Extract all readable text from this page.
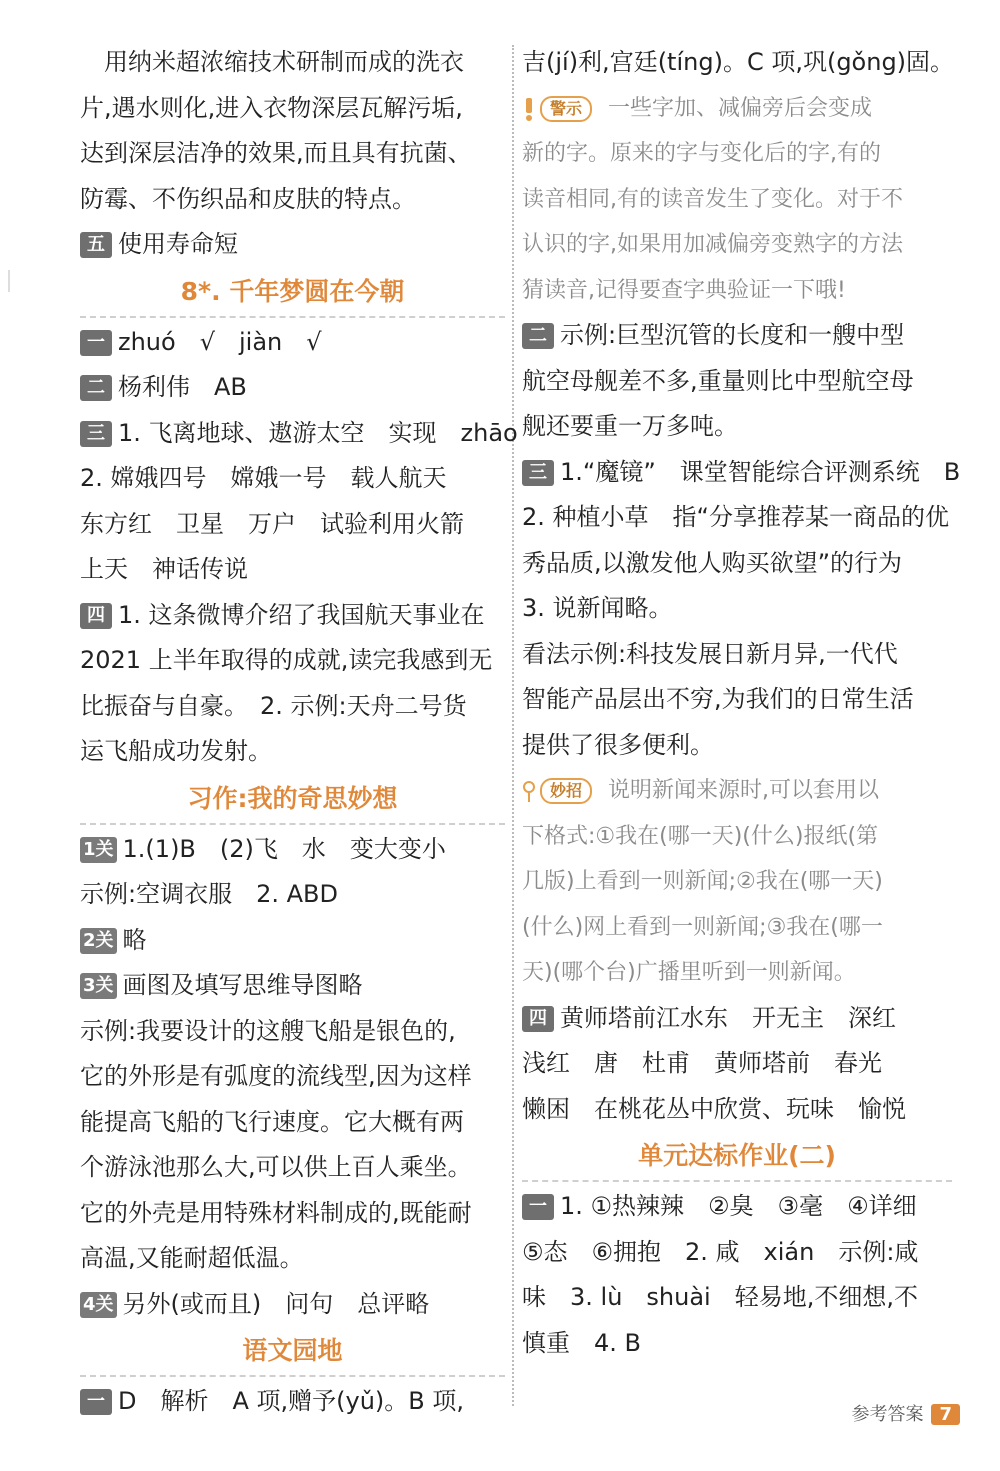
　用纳米超浓缩技术研制而成的洗衣
片,遇水则化,进入衣物深层瓦解污垢,
达到深层洁净的效果,而且具有抗菌、
防霉、不伤织品和皮肤的特点。
五 使用寿命短
8*. 千年梦圆在今朝
一 zhuó　√　jiàn　√
二 杨利伟　AB
三 1. 飞离地球、遨游太空　实现　zhāo
2. 嫦娥四号　嫦娥一号　载人航天
东方红　卫星　万户　试验利用火箭
上天　神话传说
四 1. 这条微博介绍了我国航天事业在
2021 上半年取得的成就,读完我感到无
比振奋与自豪。　2. 示例:天舟二号货
运飞船成功发射。
习作:我的奇思妙想
1关 1.(1)B　(2)飞　水　变大变小
示例:空调衣服　2. ABD
2关 略
3关 画图及填写思维导图略
示例:我要设计的这艘飞船是银色的,
它的外形是有弧度的流线型,因为这样
能提高飞船的飞行速度。它大概有两
个游泳池那么大,可以供上百人乘坐。
它的外壳是用特殊材料制成的,既能耐
高温,又能耐超低温。
4关 另外(或而且)　问句　总评略
语文园地
一 D　解析　A 项,赠予(yǔ)。B 项,
吉(jí)利,宫廷(tíng)。C 项,巩(gǒng)固。
警示 一些字加、减偏旁后会变成
新的字。原来的字与变化后的字,有的
读音相同,有的读音发生了变化。对于不
认识的字,如果用加减偏旁变熟字的方法
猜读音,记得要查字典验证一下哦!
二 示例:巨型沉管的长度和一艘中型
航空母舰差不多,重量则比中型航空母
舰还要重一万多吨。
三 1.“魔镜”　课堂智能综合评测系统　B
2. 种植小草　指“分享推荐某一商品的优
秀品质,以激发他人购买欲望”的行为
3. 说新闻略。
看法示例:科技发展日新月异,一代代
智能产品层出不穷,为我们的日常生活
提供了很多便利。
妙招 说明新闻来源时,可以套用以
下格式:①我在(哪一天)(什么)报纸(第
几版)上看到一则新闻;②我在(哪一天)
(什么)网上看到一则新闻;③我在(哪一
天)(哪个台)广播里听到一则新闻。
四 黄师塔前江水东　开无主　深红
浅红　唐　杜甫　黄师塔前　春光
懒困　在桃花丛中欣赏、玩味　愉悦
单元达标作业(二)
一 1. ①热辣辣　②臭　③毫　④详细
⑤态　⑥拥抱　2. 咸　xián　示例:咸
味　3. lù　shuài　轻易地,不细想,不
慎重　4. B
参考答案 7
